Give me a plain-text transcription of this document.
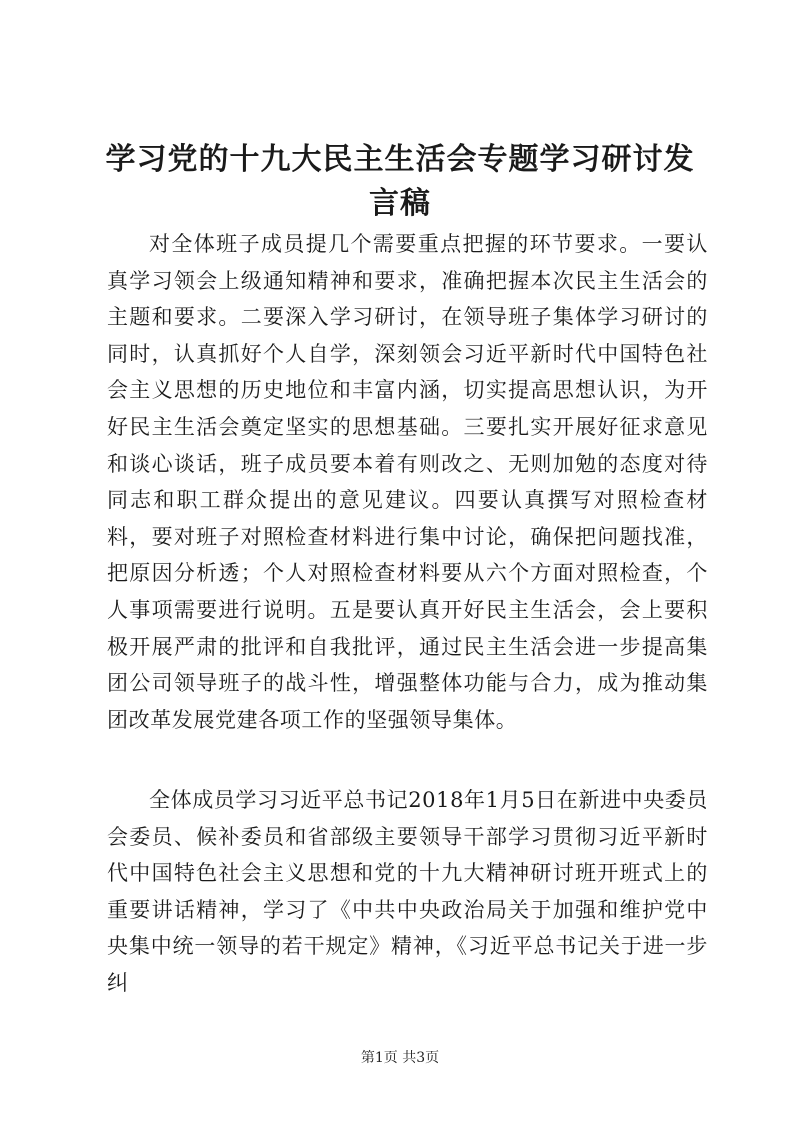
学习党的十九大民主生活会专题学习研讨发言稿

对全体班子成员提几个需要重点把握的环节要求。一要认真学习领会上级通知精神和要求，准确把握本次民主生活会的主题和要求。二要深入学习研讨，在领导班子集体学习研讨的同时，认真抓好个人自学，深刻领会习近平新时代中国特色社会主义思想的历史地位和丰富内涵，切实提高思想认识，为开好民主生活会奠定坚实的思想基础。三要扎实开展好征求意见和谈心谈话，班子成员要本着有则改之、无则加勉的态度对待同志和职工群众提出的意见建议。四要认真撰写对照检查材料，要对班子对照检查材料进行集中讨论，确保把问题找准，把原因分析透；个人对照检查材料要从六个方面对照检查，个人事项需要进行说明。五是要认真开好民主生活会，会上要积极开展严肃的批评和自我批评，通过民主生活会进一步提高集团公司领导班子的战斗性，增强整体功能与合力，成为推动集团改革发展党建各项工作的坚强领导集体。

全体成员学习习近平总书记2018年1月5日在新进中央委员会委员、候补委员和省部级主要领导干部学习贯彻习近平新时代中国特色社会主义思想和党的十九大精神研讨班开班式上的重要讲话精神，学习了《中共中央政治局关于加强和维护党中央集中统一领导的若干规定》精神，《习近平总书记关于进一步纠

第1页 共3页
